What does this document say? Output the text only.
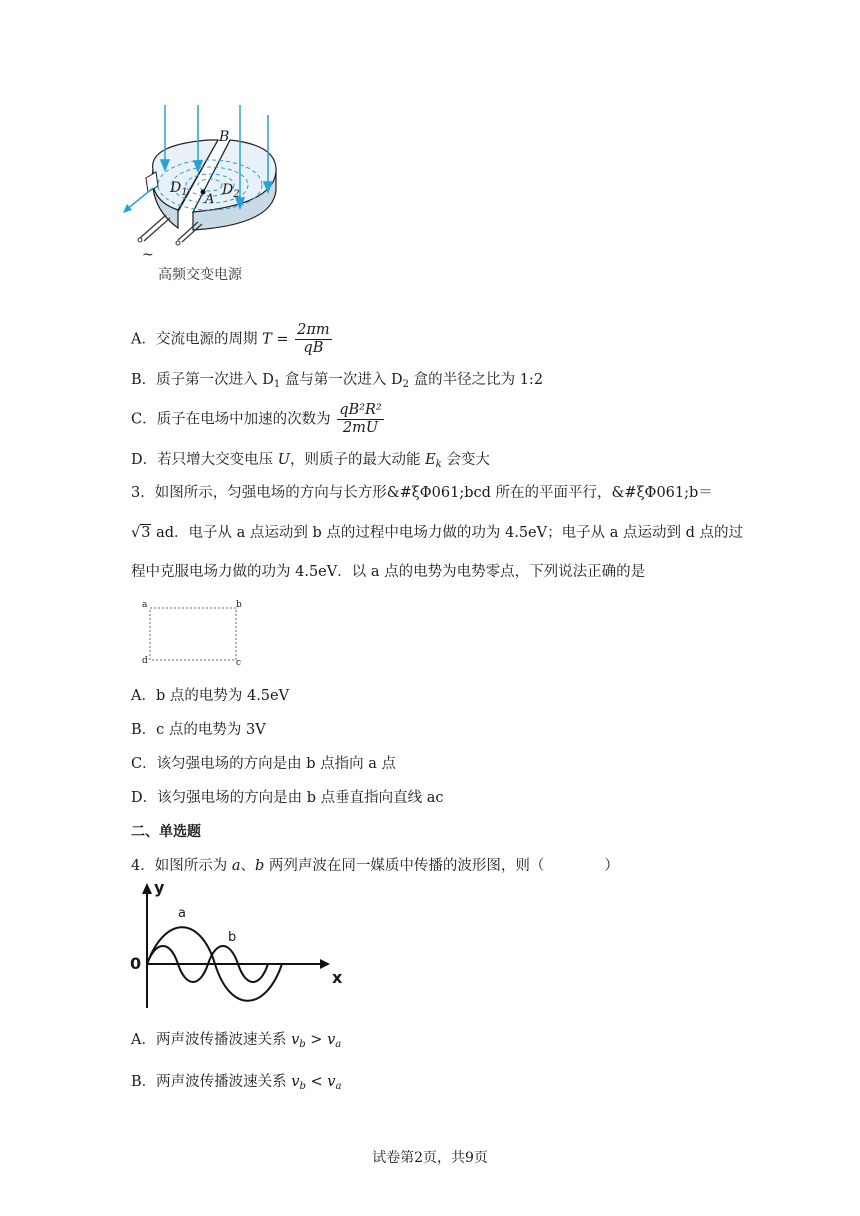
B
$D_1$ $D_2$
A
~
高频交变电源
A．交流电源的周期 $T = \frac{2\pi m}{qB}$
B．质子第一次进入 $D_1$ 盒与第一次进入 $D_2$ 盒的半径之比为 1:2
C．质子在电场中加速的次数为 $\frac{\text{qB²R²}}{2mU}$
D．若只增大交变电压 U，则质子的最大动能 $E_k$ 会变大
3．如图所示，匀强电场的方向与长方形&#ξΦ061;bcd 所在的平面平行，&#ξΦ061;b＝
√3 ad．电子从 a 点运动到 b 点的过程中电场力做的功为 4.5eV；电子从 a 点运动到 d 点的过
程中克服电场力做的功为 4.5eV．以 a 点的电势为电势零点，下列说法正确的是
a	b
d	c
A．b 点的电势为 4.5eV
B．c 点的电势为 3V
C．该匀强电场的方向是由 b 点指向 a 点
D．该匀强电场的方向是由 b 点垂直指向直线 ac
二、单选题
4．如图所示为 a、b 两列声波在同一媒质中传播的波形图，则（	）
y
x
0
a
b
A．两声波传播波速关系 $v_b > v_a$
B．两声波传播波速关系 $v_b < v_a$
试卷第2页，共9页
